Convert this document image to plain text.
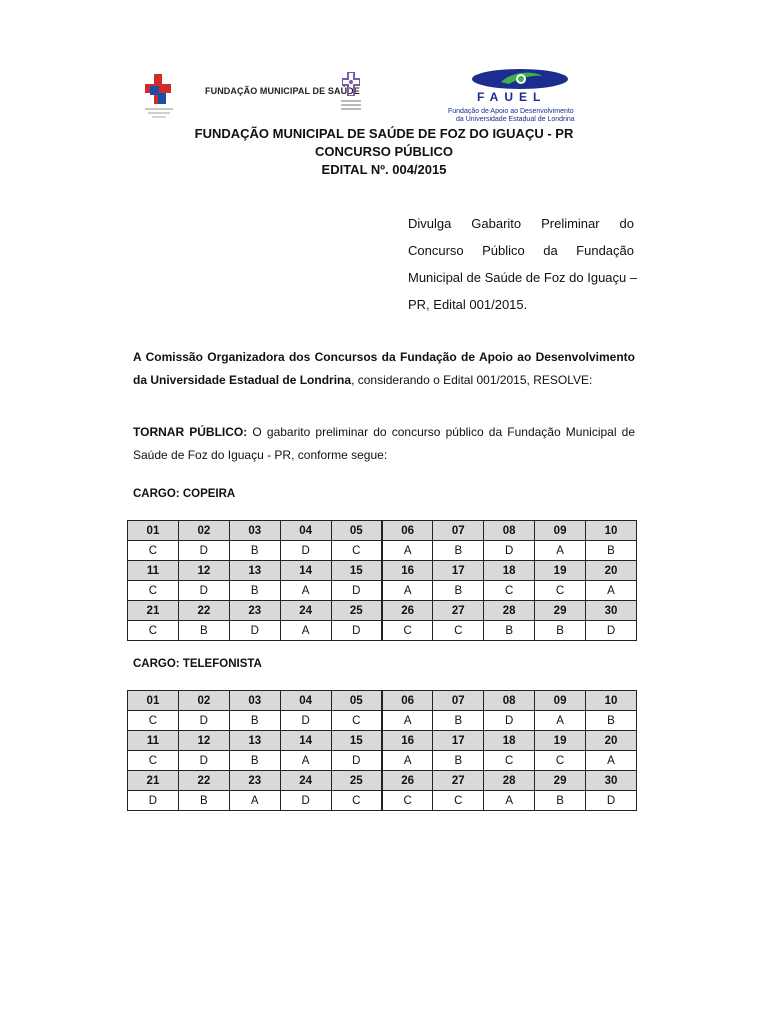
FUNDAÇÃO MUNICIPAL DE SAÚDE	FAUEL
Fundação de Apoio ao Desenvolvimento
da Universidade Estadual de Londrina
FUNDAÇÃO MUNICIPAL DE SAÚDE DE FOZ DO IGUAÇU - PR
CONCURSO PÚBLICO
EDITAL Nº. 004/2015
Divulga Gabarito Preliminar do
Concurso Público da Fundação
Municipal de Saúde de Foz do Iguaçu –
PR, Edital 001/2015.
A Comissão Organizadora dos Concursos da Fundação de Apoio ao Desenvolvimento da Universidade Estadual de Londrina, considerando o Edital 001/2015, RESOLVE:
TORNAR PÚBLICO: O gabarito preliminar do concurso público da Fundação Municipal de Saúde de Foz do Iguaçu - PR, conforme segue:
CARGO: COPEIRA
CARGO: TELEFONISTA
01	02	03	04	05	06	07	08	09	10
C	D	B	D	C	A	B	D	A	B
11	12	13	14	15	16	17	18	19	20
C	D	B	A	D	A	B	C	C	A
21	22	23	24	25	26	27	28	29	30
C	B	D	A	D	C	C	B	B	D
01	02	03	04	05	06	07	08	09	10
C	D	B	D	C	A	B	D	A	B
11	12	13	14	15	16	17	18	19	20
C	D	B	A	D	A	B	C	C	A
21	22	23	24	25	26	27	28	29	30
D	B	A	D	C	C	C	A	B	D
